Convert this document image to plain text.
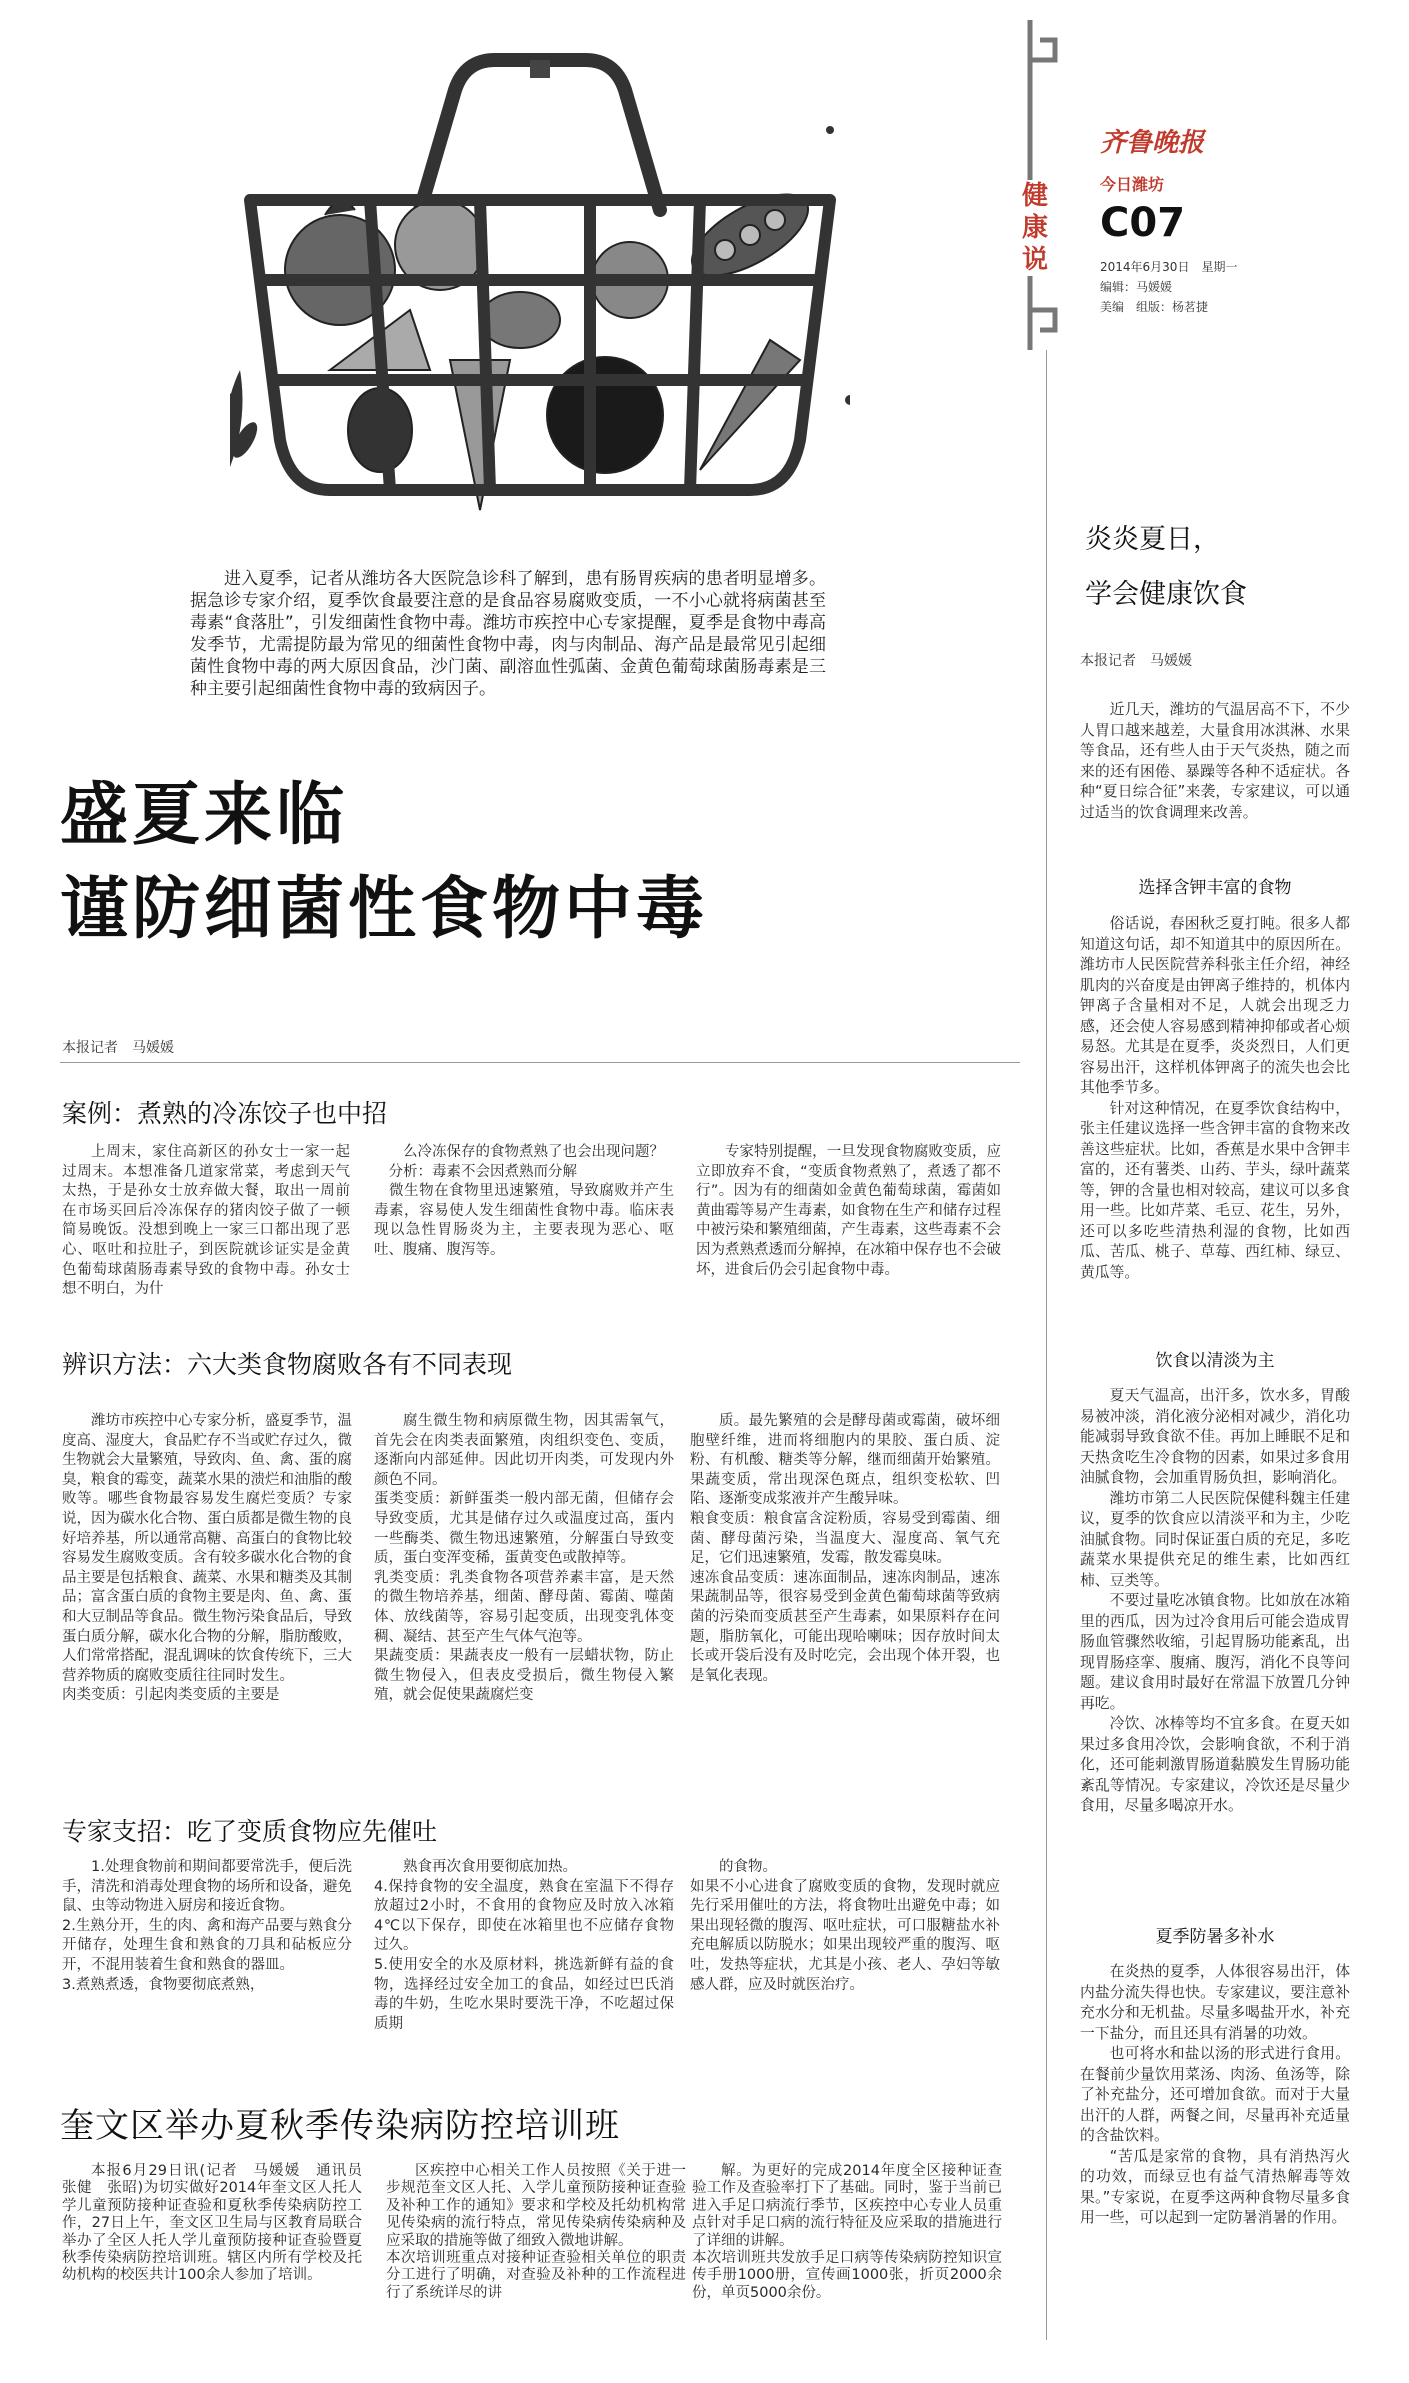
进入夏季，记者从潍坊各大医院急诊科了解到，患有肠胃疾病的患者明显增多。据急诊专家介绍，夏季饮食最要注意的是食品容易腐败变质，一不小心就将病菌甚至毒素“食落肚”，引发细菌性食物中毒。潍坊市疾控中心专家提醒，夏季是食物中毒高发季节，尤需提防最为常见的细菌性食物中毒，肉与肉制品、海产品是最常见引起细菌性食物中毒的两大原因食品，沙门菌、副溶血性弧菌、金黄色葡萄球菌肠毒素是三种主要引起细菌性食物中毒的致病因子。
盛夏来临
谨防细菌性食物中毒
本报记者　马媛媛
案例：煮熟的冷冻饺子也中招

上周末，家住高新区的孙女士一家一起过周末。本想准备几道家常菜，考虑到天气太热，于是孙女士放弃做大餐，取出一周前在市场买回后冷冻保存的猪肉饺子做了一顿简易晚饭。没想到晚上一家三口都出现了恶心、呕吐和拉肚子，到医院就诊证实是金黄色葡萄球菌肠毒素导致的食物中毒。孙女士想不明白，为什

么冷冻保存的食物煮熟了也会出现问题？
　分析：毒素不会因煮熟而分解
　微生物在食物里迅速繁殖，导致腐败并产生毒素，容易使人发生细菌性食物中毒。临床表现以急性胃肠炎为主，主要表现为恶心、呕吐、腹痛、腹泻等。

专家特别提醒，一旦发现食物腐败变质，应立即放弃不食，“变质食物煮熟了，煮透了都不行”。因为有的细菌如金黄色葡萄球菌，霉菌如黄曲霉等易产生毒素，如食物在生产和储存过程中被污染和繁殖细菌，产生毒素，这些毒素不会因为煮熟煮透而分解掉，在冰箱中保存也不会破坏，进食后仍会引起食物中毒。

辨识方法：六大类食物腐败各有不同表现

潍坊市疾控中心专家分析，盛夏季节，温度高、湿度大，食品贮存不当或贮存过久，微生物就会大量繁殖，导致肉、鱼、禽、蛋的腐臭，粮食的霉变，蔬菜水果的溃烂和油脂的酸败等。哪些食物最容易发生腐烂变质？专家说，因为碳水化合物、蛋白质都是微生物的良好培养基，所以通常高糖、高蛋白的食物比较容易发生腐败变质。含有较多碳水化合物的食品主要是包括粮食、蔬菜、水果和糖类及其制品；富含蛋白质的食物主要是肉、鱼、禽、蛋和大豆制品等食品。微生物污染食品后，导致蛋白质分解，碳水化合物的分解，脂肪酸败，人们常常搭配，混乱调味的饮食传统下，三大营养物质的腐败变质往往同时发生。
肉类变质：引起肉类变质的主要是

腐生微生物和病原微生物，因其需氧气，首先会在肉类表面繁殖，肉组织变色、变质，逐渐向内部延伸。因此切开肉类，可发现内外颜色不同。
蛋类变质：新鲜蛋类一般内部无菌，但储存会导致变质，尤其是储存过久或温度过高，蛋内一些酶类、微生物迅速繁殖，分解蛋白导致变质，蛋白变浑变稀，蛋黄变色或散掉等。
乳类变质：乳类食物各项营养素丰富，是天然的微生物培养基，细菌、酵母菌、霉菌、噬菌体、放线菌等，容易引起变质，出现变乳体变稠、凝结、甚至产生气体气泡等。
果蔬变质：果蔬表皮一般有一层蜡状物，防止微生物侵入，但表皮受损后，微生物侵入繁殖，就会促使果蔬腐烂变

质。最先繁殖的会是酵母菌或霉菌，破坏细胞壁纤维，进而将细胞内的果胶、蛋白质、淀粉、有机酸、糖类等分解，继而细菌开始繁殖。果蔬变质，常出现深色斑点，组织变松软、凹陷、逐渐变成浆液并产生酸异味。
粮食变质：粮食富含淀粉质，容易受到霉菌、细菌、酵母菌污染，当温度大、湿度高、氧气充足，它们迅速繁殖，发霉，散发霉臭味。
速冻食品变质：速冻面制品，速冻肉制品，速冻果蔬制品等，很容易受到金黄色葡萄球菌等致病菌的污染而变质甚至产生毒素，如果原料存在问题，脂肪氧化，可能出现哈喇味；因存放时间太长或开袋后没有及时吃完，会出现个体开裂，也是氧化表现。

专家支招：吃了变质食物应先催吐

1.处理食物前和期间都要常洗手，便后洗手，清洗和消毒处理食物的场所和设备，避免鼠、虫等动物进入厨房和接近食物。
2.生熟分开，生的肉、禽和海产品要与熟食分开储存，处理生食和熟食的刀具和砧板应分开，不混用装着生食和熟食的器皿。
3.煮熟煮透，食物要彻底煮熟，

熟食再次食用要彻底加热。
4.保持食物的安全温度，熟食在室温下不得存放超过2小时，不食用的食物应及时放入冰箱4℃以下保存，即使在冰箱里也不应储存食物过久。
5.使用安全的水及原材料，挑选新鲜有益的食物，选择经过安全加工的食品，如经过巴氏消毒的牛奶，生吃水果时要洗干净，不吃超过保质期

的食物。
如果不小心进食了腐败变质的食物，发现时就应先行采用催吐的方法，将食物吐出避免中毒；如果出现轻微的腹泻、呕吐症状，可口服糖盐水补充电解质以防脱水；如果出现较严重的腹泻、呕吐，发热等症状，尤其是小孩、老人、孕妇等敏感人群，应及时就医治疗。

奎文区举办夏秋季传染病防控培训班

本报6月29日讯(记者　马媛媛　通讯员　张健　张昭)为切实做好2014年奎文区人托人学儿童预防接种证查验和夏秋季传染病防控工作，27日上午，奎文区卫生局与区教育局联合举办了全区人托人学儿童预防接种证查验暨夏秋季传染病防控培训班。辖区内所有学校及托幼机构的校医共计100余人参加了培训。

区疾控中心相关工作人员按照《关于进一步规范奎文区人托、入学儿童预防接种证查验及补种工作的通知》要求和学校及托幼机构常见传染病的流行特点，常见传染病传染病种及应采取的措施等做了细致入微地讲解。
本次培训班重点对接种证查验相关单位的职责分工进行了明确，对查验及补种的工作流程进行了系统详尽的讲

解。为更好的完成2014年度全区接种证查验工作及查验率打下了基础。同时，鉴于当前已进入手足口病流行季节，区疾控中心专业人员重点针对手足口病的流行特征及应采取的措施进行了详细的讲解。
本次培训班共发放手足口病等传染病防控知识宣传手册1000册，宣传画1000张，折页2000余份，单页5000余份。

健康说
齐鲁晚报
今日潍坊
C07
2014年6月30日　星期一
编辑：马媛媛
美编　组版：杨茗捷
炎炎夏日，
学会健康饮食
本报记者　马媛媛

近几天，潍坊的气温居高不下，不少人胃口越来越差，大量食用冰淇淋、水果等食品，还有些人由于天气炎热，随之而来的还有困倦、暴躁等各种不适症状。各种“夏日综合征”来袭，专家建议，可以通过适当的饮食调理来改善。

选择含钾丰富的食物

俗话说，春困秋乏夏打盹。很多人都知道这句话，却不知道其中的原因所在。潍坊市人民医院营养科张主任介绍，神经肌肉的兴奋度是由钾离子维持的，机体内钾离子含量相对不足，人就会出现乏力感，还会使人容易感到精神抑郁或者心烦易怒。尤其是在夏季，炎炎烈日，人们更容易出汗，这样机体钾离子的流失也会比其他季节多。

针对这种情况，在夏季饮食结构中，张主任建议选择一些含钾丰富的食物来改善这些症状。比如，香蕉是水果中含钾丰富的，还有薯类、山药、芋头，绿叶蔬菜等，钾的含量也相对较高，建议可以多食用一些。比如芹菜、毛豆、花生，另外，还可以多吃些清热利湿的食物，比如西瓜、苦瓜、桃子、草莓、西红柿、绿豆、黄瓜等。

饮食以清淡为主

夏天气温高，出汗多，饮水多，胃酸易被冲淡，消化液分泌相对减少，消化功能减弱导致食欲不佳。再加上睡眠不足和天热贪吃生冷食物的因素，如果过多食用油腻食物，会加重胃肠负担，影响消化。

潍坊市第二人民医院保健科魏主任建议，夏季的饮食应以清淡平和为主，少吃油腻食物。同时保证蛋白质的充足，多吃蔬菜水果提供充足的维生素，比如西红柿、豆类等。

不要过量吃冰镇食物。比如放在冰箱里的西瓜，因为过冷食用后可能会造成胃肠血管骤然收缩，引起胃肠功能紊乱，出现胃肠痉挛、腹痛、腹泻，消化不良等问题。建议食用时最好在常温下放置几分钟再吃。

冷饮、冰棒等均不宜多食。在夏天如果过多食用冷饮，会影响食欲，不利于消化，还可能刺激胃肠道黏膜发生胃肠功能紊乱等情况。专家建议，冷饮还是尽量少食用，尽量多喝凉开水。

夏季防暑多补水

在炎热的夏季，人体很容易出汗，体内盐分流失得也快。专家建议，要注意补充水分和无机盐。尽量多喝盐开水，补充一下盐分，而且还具有消暑的功效。

也可将水和盐以汤的形式进行食用。在餐前少量饮用菜汤、肉汤、鱼汤等，除了补充盐分，还可增加食欲。而对于大量出汗的人群，两餐之间，尽量再补充适量的含盐饮料。

“苦瓜是家常的食物，具有消热泻火的功效，而绿豆也有益气清热解毒等效果。”专家说，在夏季这两种食物尽量多食用一些，可以起到一定防暑消暑的作用。
